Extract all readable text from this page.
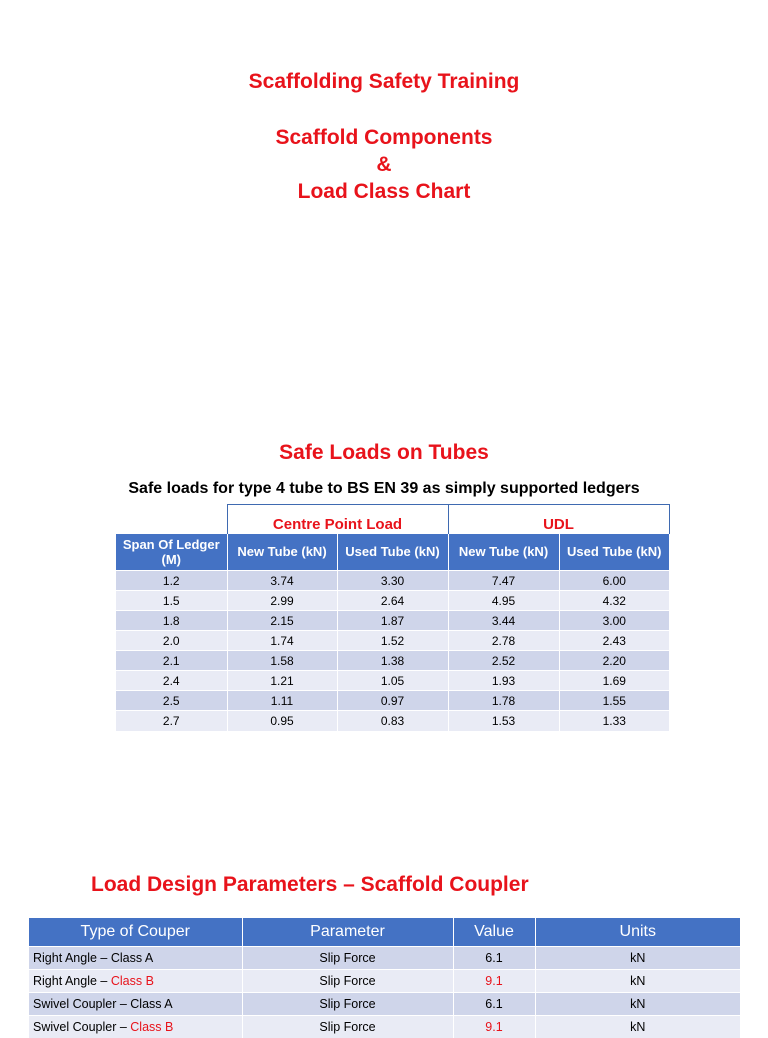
Scaffolding Safety Training
Scaffold Components
&
Load Class Chart
Safe Loads on Tubes
Safe loads for type 4 tube to BS EN 39 as simply supported ledgers
	Centre Point Load		UDL	
Span Of Ledger (M)	New Tube (kN)	Used Tube (kN)	New Tube (kN)	Used Tube (kN)
1.2	3.74	3.30	7.47	6.00
1.5	2.99	2.64	4.95	4.32
1.8	2.15	1.87	3.44	3.00
2.0	1.74	1.52	2.78	2.43
2.1	1.58	1.38	2.52	2.20
2.4	1.21	1.05	1.93	1.69
2.5	1.11	0.97	1.78	1.55
2.7	0.95	0.83	1.53	1.33
Load Design Parameters – Scaffold Coupler
Type of Couper	Parameter	Value	Units
Right Angle – Class A	Slip Force	6.1	kN
Right Angle – Class B	Slip Force	9.1	kN
Swivel Coupler – Class A	Slip Force	6.1	kN
Swivel Coupler – Class B	Slip Force	9.1	kN
